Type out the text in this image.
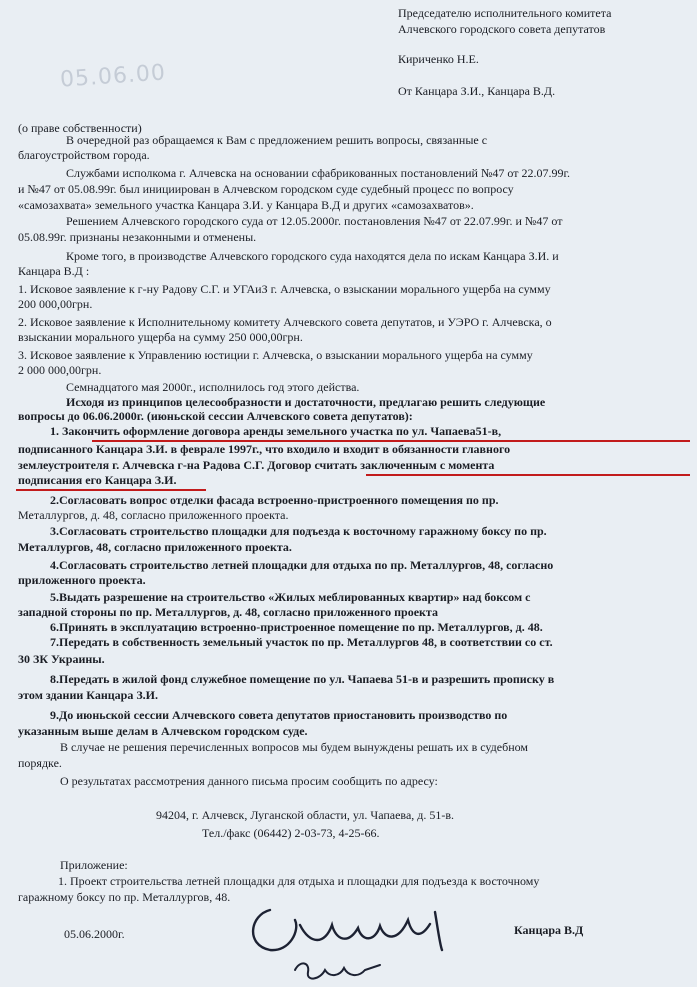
Председателю исполнительного комитета
Алчевского городского совета депутатов
Кириченко Н.Е.
От Канцара З.И., Канцара В.Д.
05.06.00
(о праве собственности)
В очередной раз обращаемся к Вам с предложением решить вопросы, связанные с
благоустройством города.
Службами исполкома г. Алчевска на основании сфабрикованных постановлений №47 от 22.07.99г.
и №47 от 05.08.99г. был инициирован в Алчевском городском суде судебный процесс по вопросу
«самозахвата» земельного участка Канцара З.И. у Канцара В.Д и других «самозахватов».
Решением Алчевского городского суда от 12.05.2000г. постановления №47 от 22.07.99г. и №47 от
05.08.99г. признаны незаконными и отменены.
Кроме того, в производстве Алчевского городского суда находятся дела по искам Канцара З.И. и
Канцара В.Д :
1. Исковое заявление к г-ну Радову С.Г. и УГАиЗ г. Алчевска, о взыскании морального ущерба на сумму
200 000,00грн.
2. Исковое заявление к Исполнительному комитету Алчевского совета депутатов, и УЭРО г. Алчевска, о
взыскании морального ущерба на сумму 250 000,00грн.
3. Исковое заявление к Управлению юстиции г. Алчевска, о взыскании морального ущерба на сумму
2 000 000,00грн.
Семнадцатого мая 2000г., исполнилось год этого действа.
Исходя из принципов целесообразности и достаточности, предлагаю решить следующие
вопросы до 06.06.2000г. (июньской сессии Алчевского совета депутатов):
1. Закончить оформление договора аренды земельного участка по ул. Чапаева51-в,
подписанного Канцара З.И. в феврале 1997г., что входило и входит в обязанности главного
землеустроителя г. Алчевска г-на Радова С.Г. Договор считать заключенным с момента
подписания его Канцара З.И.
2.Согласовать вопрос отделки фасада встроенно-пристроенного помещения по пр.
Металлургов, д. 48, согласно приложенного проекта.
3.Согласовать строительство площадки для подъезда к восточному гаражному боксу по пр.
Металлургов, 48, согласно приложенного проекта.
4.Согласовать строительство летней площадки для отдыха по пр. Металлургов, 48, согласно
приложенного проекта.
5.Выдать разрешение на строительство «Жилых меблированных квартир» над боксом с
западной стороны по пр. Металлургов, д. 48, согласно приложенного проекта
6.Принять в эксплуатацию встроенно-пристроенное помещение по пр. Металлургов, д. 48.
7.Передать в собственность земельный участок по пр. Металлургов 48, в соответствии со ст.
30 ЗК Украины.
8.Передать в жилой фонд служебное помещение по ул. Чапаева 51-в и разрешить прописку в
этом здании Канцара З.И.
9.До июньской сессии Алчевского совета депутатов приостановить производство по
указанным выше делам в Алчевском городском суде.
В случае не решения перечисленных вопросов мы будем вынуждены решать их в судебном
порядке.
О результатах рассмотрения данного письма просим сообщить по адресу:
94204, г. Алчевск, Луганской области, ул. Чапаева, д. 51-в.
Тел./факс (06442) 2-03-73, 4-25-66.
Приложение:
1. Проект строительства летней площадки для отдыха и площадки для подъезда к восточному
гаражному боксу по пр. Металлургов, 48.
05.06.2000г.	Канцара В.Д
